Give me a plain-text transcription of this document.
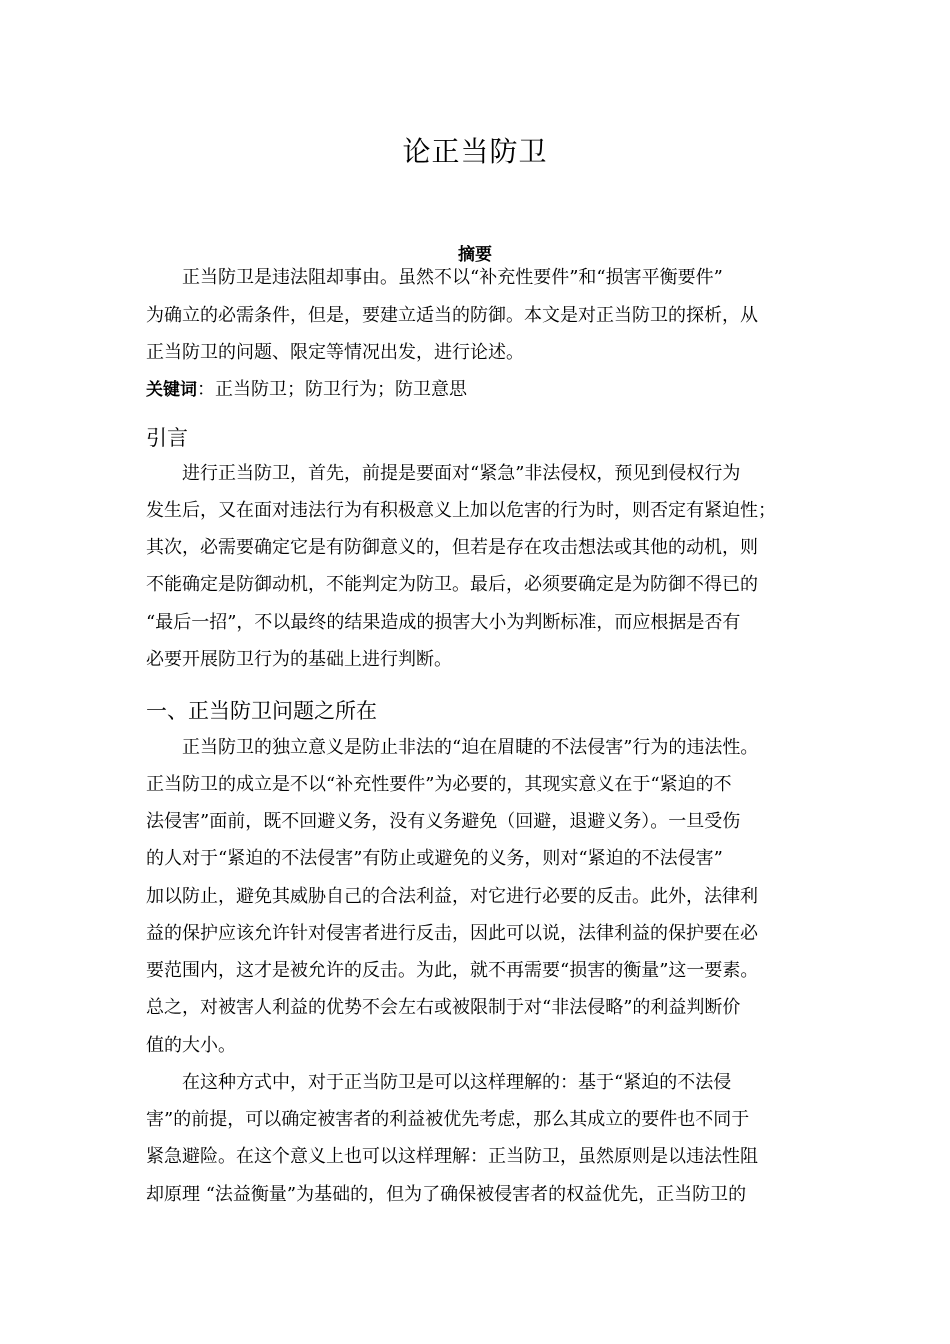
论正当防卫
摘要
正当防卫是违法阻却事由。虽然不以“补充性要件”和“损害平衡要件”
为确立的必需条件，但是，要建立适当的防御。本文是对正当防卫的探析，从
正当防卫的问题、限定等情况出发，进行论述。
关键词：正当防卫；防卫行为；防卫意思
引言
进行正当防卫，首先，前提是要面对“紧急”非法侵权，预见到侵权行为
发生后，又在面对违法行为有积极意义上加以危害的行为时，则否定有紧迫性；
其次，必需要确定它是有防御意义的，但若是存在攻击想法或其他的动机，则
不能确定是防御动机，不能判定为防卫。最后，必须要确定是为防御不得已的
“最后一招”，不以最终的结果造成的损害大小为判断标准，而应根据是否有
必要开展防卫行为的基础上进行判断。
一、正当防卫问题之所在
正当防卫的独立意义是防止非法的“迫在眉睫的不法侵害”行为的违法性。
正当防卫的成立是不以“补充性要件”为必要的，其现实意义在于“紧迫的不
法侵害”面前，既不回避义务，没有义务避免（回避，退避义务）。一旦受伤
的人对于“紧迫的不法侵害”有防止或避免的义务，则对“紧迫的不法侵害”
加以防止，避免其威胁自己的合法利益，对它进行必要的反击。此外，法律利
益的保护应该允许针对侵害者进行反击，因此可以说，法律利益的保护要在必
要范围内，这才是被允许的反击。为此，就不再需要“损害的衡量”这一要素。
总之，对被害人利益的优势不会左右或被限制于对“非法侵略”的利益判断价
值的大小。
在这种方式中，对于正当防卫是可以这样理解的：基于“紧迫的不法侵
害”的前提，可以确定被害者的利益被优先考虑，那么其成立的要件也不同于
紧急避险。在这个意义上也可以这样理解：正当防卫，虽然原则是以违法性阻
却原理 “法益衡量”为基础的，但为了确保被侵害者的权益优先，正当防卫的
